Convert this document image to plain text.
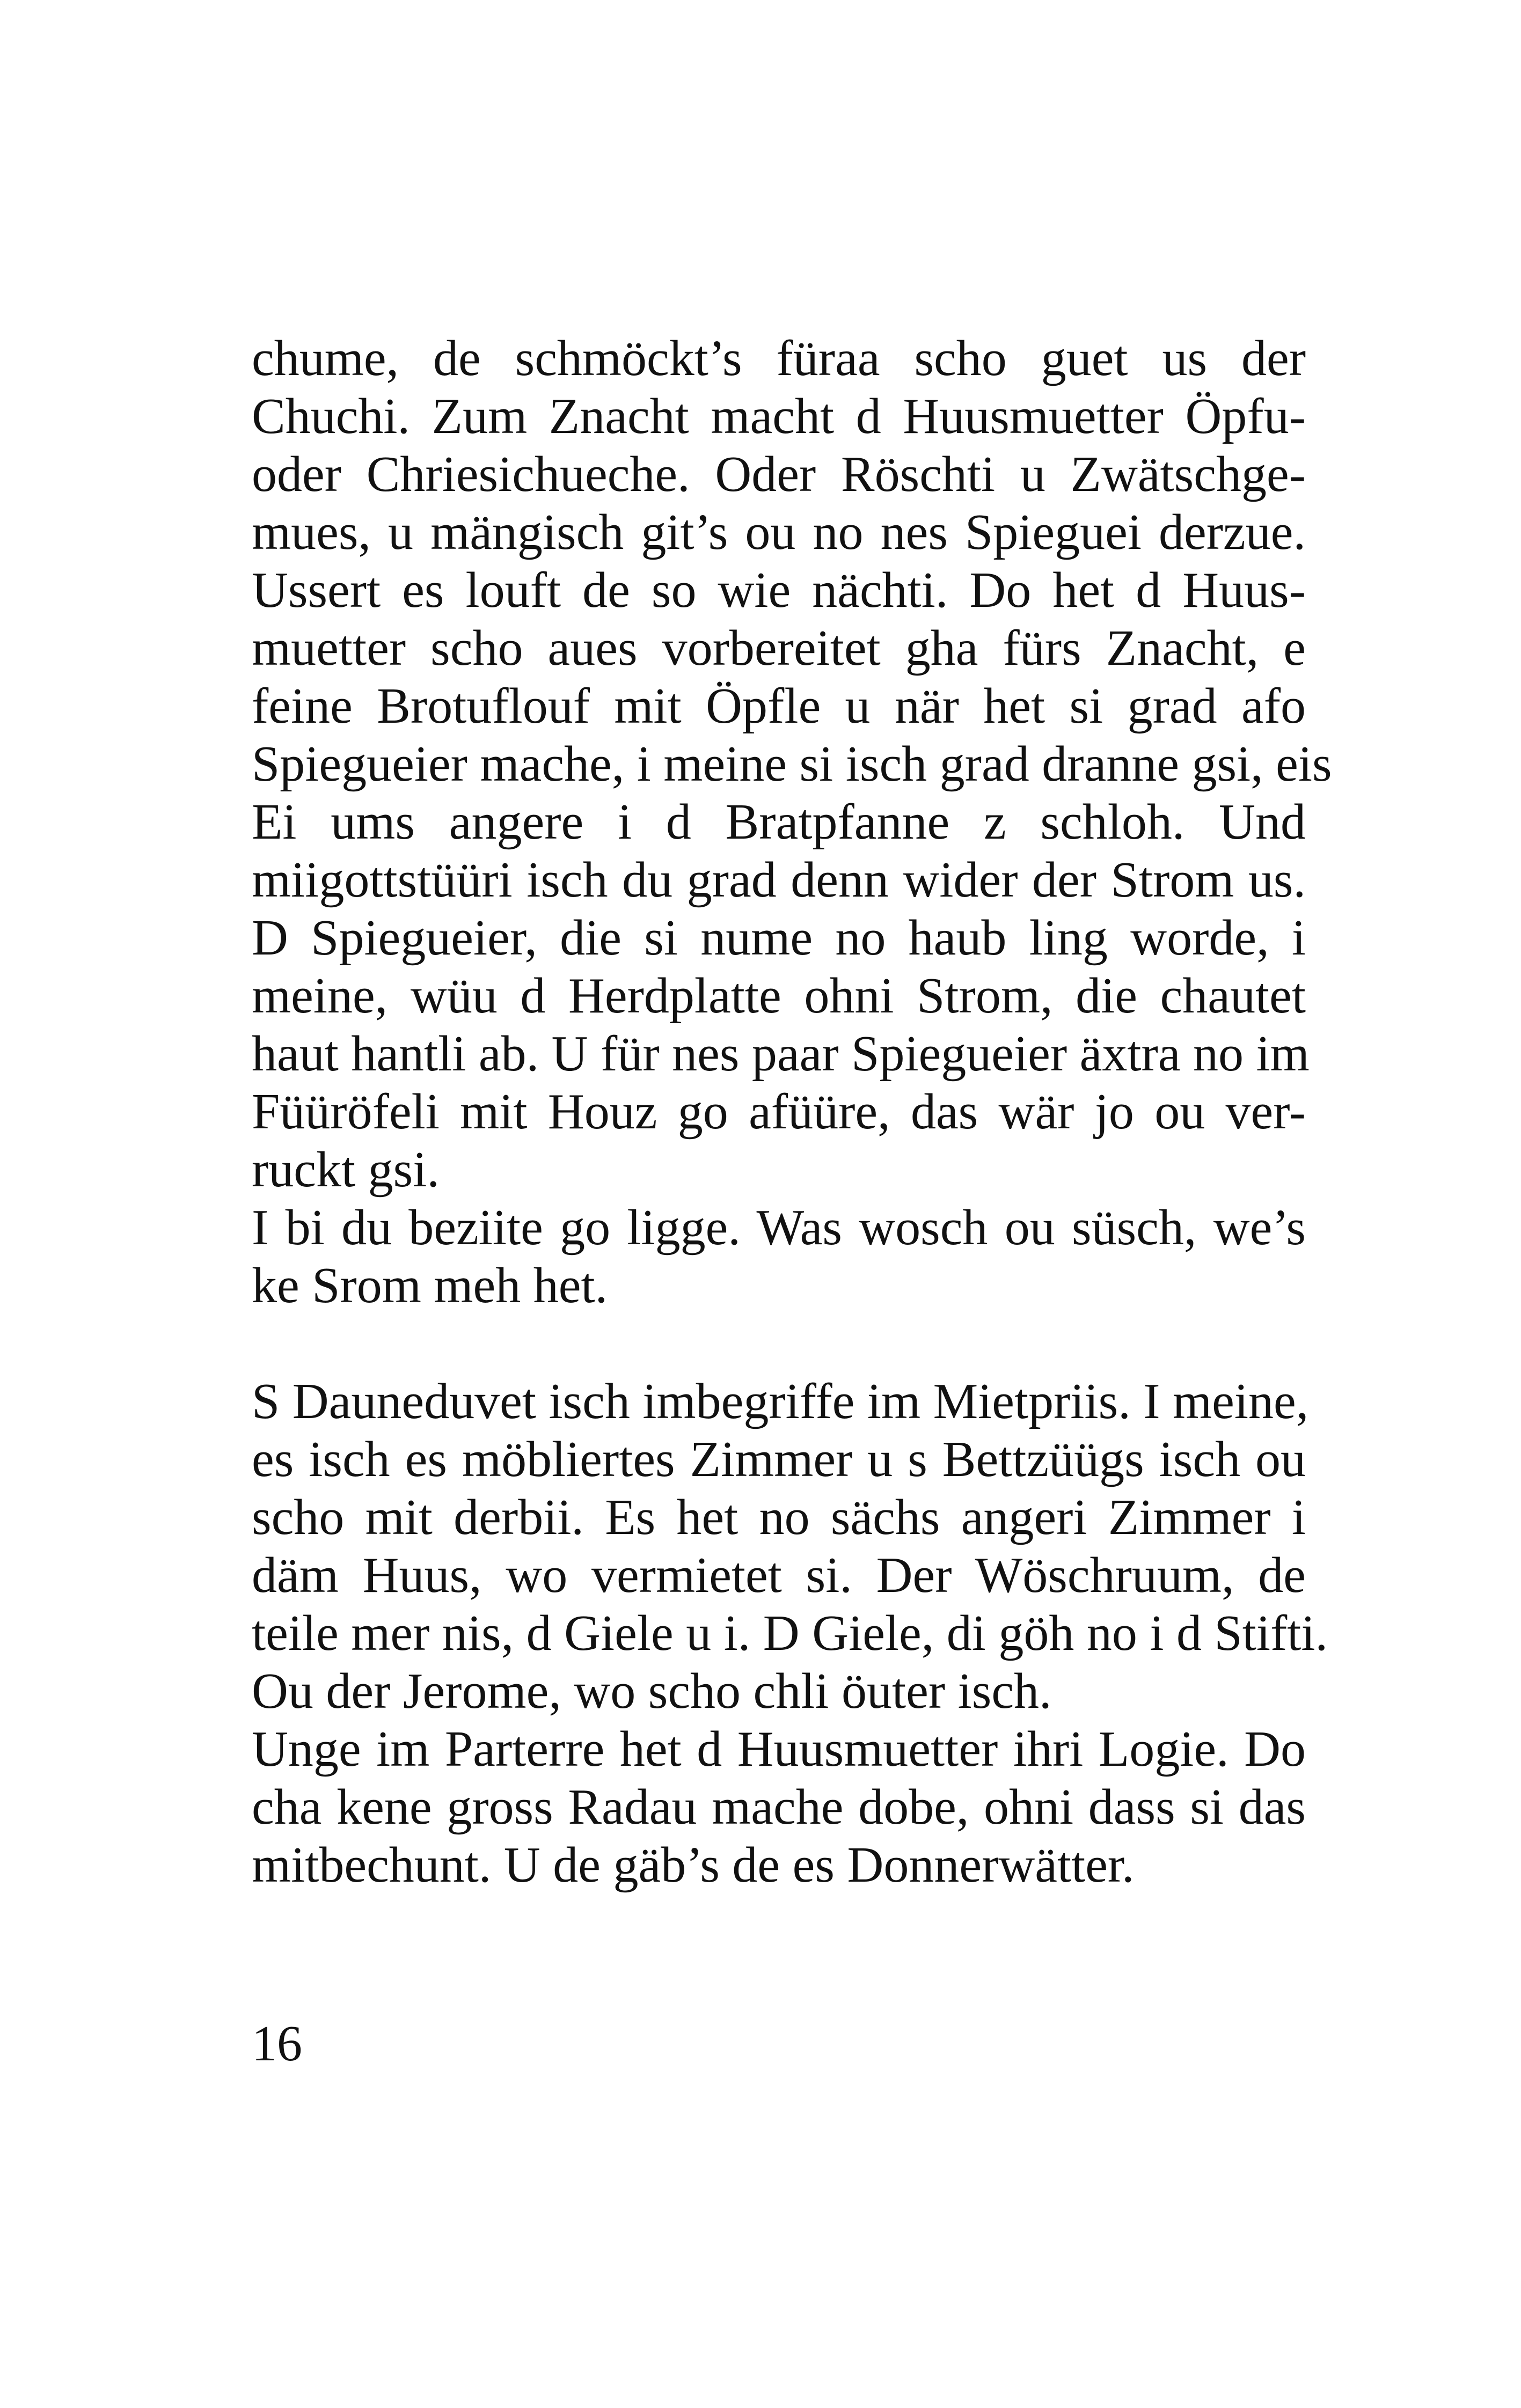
chume, de schmöckt’s füraa scho guet us der
Chuchi. Zum Znacht macht d Huusmuetter Öpfu-
oder Chriesichueche. Oder Röschti u Zwätschge-
mues, u mängisch git’s ou no nes Spieguei derzue.
Ussert es louft de so wie nächti. Do het d Huus-
muetter scho aues vorbereitet gha fürs Znacht, e
feine Brotuflouf mit Öpfle u när het si grad afo
Spiegueier mache, i meine si isch grad dranne gsi, eis
Ei ums angere i d Bratpfanne z schloh. Und
miigottstüüri isch du grad denn wider der Strom us.
D Spiegueier, die si nume no haub ling worde, i
meine, wüu d Herdplatte ohni Strom, die chautet
haut hantli ab. U für nes paar Spiegueier äxtra no im
Füüröfeli mit Houz go afüüre, das wär jo ou ver-
ruckt gsi.
I bi du beziite go ligge. Was wosch ou süsch, we’s
ke Srom meh het.
S Dauneduvet isch imbegriffe im Mietpriis. I meine,
es isch es möbliertes Zimmer u s Bettzüügs isch ou
scho mit derbii. Es het no sächs angeri Zimmer i
däm Huus, wo vermietet si. Der Wöschruum, de
teile mer nis, d Giele u i. D Giele, di göh no i d Stifti.
Ou der Jerome, wo scho chli öuter isch.
Unge im Parterre het d Huusmuetter ihri Logie. Do
cha kene gross Radau mache dobe, ohni dass si das
mitbechunt. U de gäb’s de es Donnerwätter.
16
